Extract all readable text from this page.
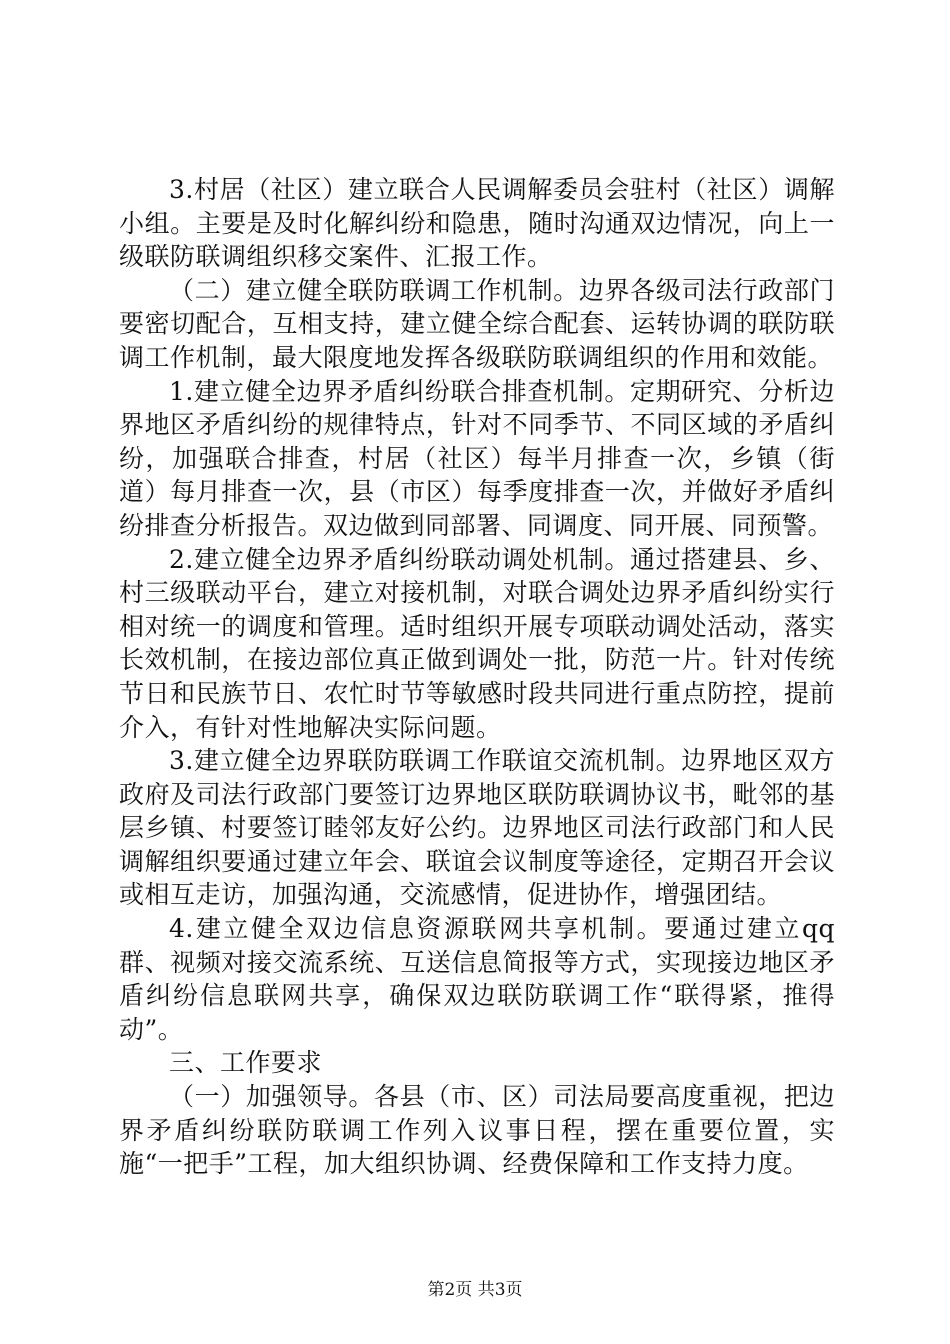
3.村居（社区）建立联合人民调解委员会驻村（社区）调解小组。主要是及时化解纠纷和隐患，随时沟通双边情况，向上一级联防联调组织移交案件、汇报工作。

（二）建立健全联防联调工作机制。边界各级司法行政部门要密切配合，互相支持，建立健全综合配套、运转协调的联防联调工作机制，最大限度地发挥各级联防联调组织的作用和效能。

1.建立健全边界矛盾纠纷联合排查机制。定期研究、分析边界地区矛盾纠纷的规律特点，针对不同季节、不同区域的矛盾纠纷，加强联合排查，村居（社区）每半月排查一次，乡镇（街道）每月排查一次，县（市区）每季度排查一次，并做好矛盾纠纷排查分析报告。双边做到同部署、同调度、同开展、同预警。

2.建立健全边界矛盾纠纷联动调处机制。通过搭建县、乡、村三级联动平台，建立对接机制，对联合调处边界矛盾纠纷实行相对统一的调度和管理。适时组织开展专项联动调处活动，落实长效机制，在接边部位真正做到调处一批，防范一片。针对传统节日和民族节日、农忙时节等敏感时段共同进行重点防控，提前介入，有针对性地解决实际问题。

3.建立健全边界联防联调工作联谊交流机制。边界地区双方政府及司法行政部门要签订边界地区联防联调协议书，毗邻的基层乡镇、村要签订睦邻友好公约。边界地区司法行政部门和人民调解组织要通过建立年会、联谊会议制度等途径，定期召开会议或相互走访，加强沟通，交流感情，促进协作，增强团结。

4.建立健全双边信息资源联网共享机制。要通过建立qq群、视频对接交流系统、互送信息简报等方式，实现接边地区矛盾纠纷信息联网共享，确保双边联防联调工作“联得紧，推得动”。

三、工作要求

（一）加强领导。各县（市、区）司法局要高度重视，把边界矛盾纠纷联防联调工作列入议事日程，摆在重要位置，实施“一把手”工程，加大组织协调、经费保障和工作支持力度。

第2页 共3页
